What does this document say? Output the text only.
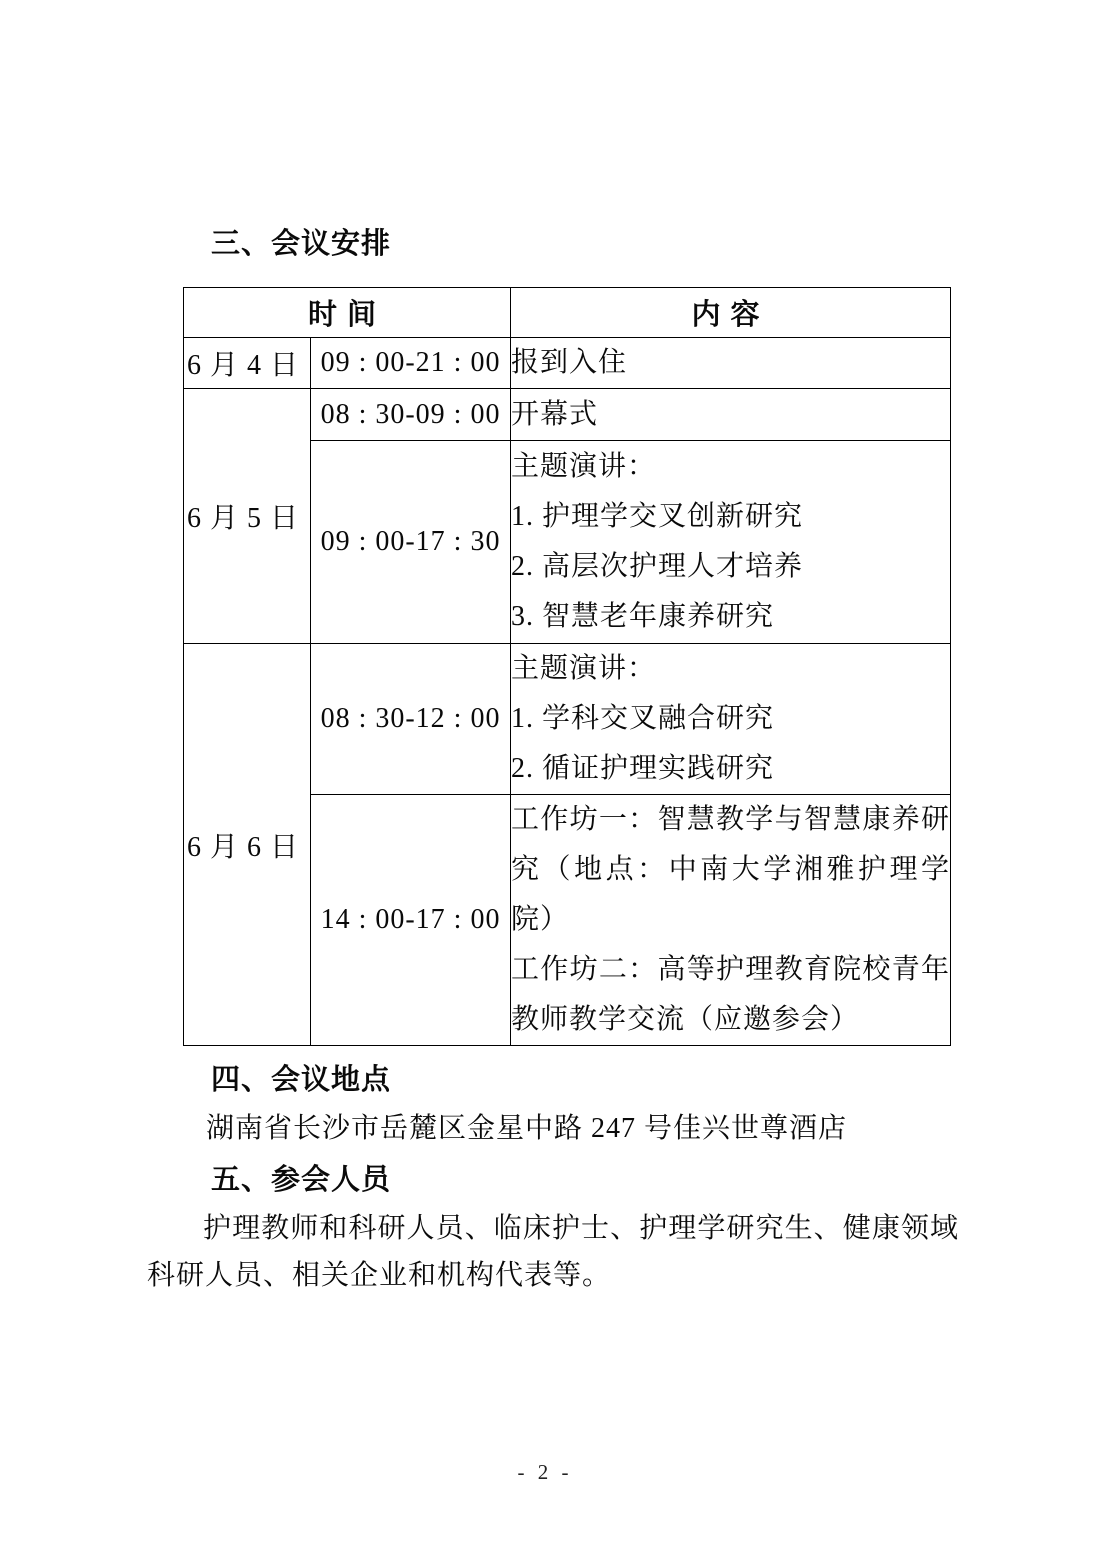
三、会议安排
时间		内容
6月4日	09 : 00-21 : 00	报到入住

6月5日	08 : 30-09 : 00	开幕式

	09 : 00-17 : 30	主题演讲：
1. 护理学交叉创新研究
2. 高层次护理人才培养
3. 智慧老年康养研究

6月6日	08 : 30-12 : 00	主题演讲：
1. 学科交叉融合研究
2. 循证护理实践研究

	14 : 00-17 : 00	工作坊一：智慧教学与智慧康养研究（地点：中南大学湘雅护理学院）
工作坊二：高等护理教育院校青年教师教学交流（应邀参会）
四、会议地点
湖南省长沙市岳麓区金星中路 247 号佳兴世尊酒店
五、参会人员
护理教师和科研人员、临床护士、护理学研究生、健康领域科研人员、相关企业和机构代表等。
- 2 -
